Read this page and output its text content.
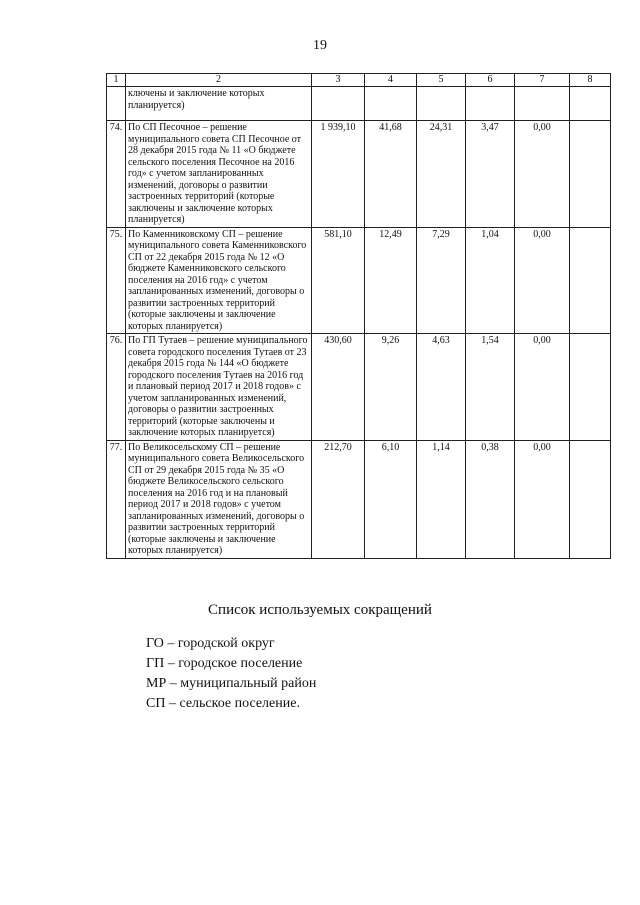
19
1	2	3	4	5	6	7	8
	ключены и заключение которых планируется)						
74.	По СП Песочное – решение муниципального совета СП Песочное от 28 декабря 2015 года № 11 «О бюджете сельского поселения Песочное на 2016 год» с учетом запланированных изменений, договоры о развитии застроенных территорий (которые заключены и заключение которых планируется)	1 939,10	41,68	24,31	3,47	0,00	
75.	По Каменниковскому СП – решение муниципального совета Каменниковского СП от 22 декабря 2015 года № 12 «О бюджете Каменниковского сельского поселения на 2016 год» с учетом запланированных изменений, договоры о развитии застроенных территорий (которые заключены и заключение которых планируется)	581,10	12,49	7,29	1,04	0,00	
76.	По ГП Тутаев – решение муниципального совета городского поселения Тутаев от 23 декабря 2015 года № 144 «О бюджете городского поселения Тутаев на 2016 год и плановый период 2017 и 2018 годов» с учетом запланированных изменений, договоры о развитии застроенных территорий (которые заключены и заключение которых планируется)	430,60	9,26	4,63	1,54	0,00	
77.	По Великосельскому СП – решение муниципального совета Великосельского СП от 29 декабря 2015 года № 35 «О бюджете Великосельского сельского поселения на 2016 год и на плановый период 2017 и 2018 годов» с учетом запланированных изменений, договоры о развитии застроенных территорий (которые заключены и заключение которых планируется)	212,70	6,10	1,14	0,38	0,00	
Список используемых сокращений
ГО – городской округ
ГП – городское поселение
МР – муниципальный район
СП – сельское поселение.
